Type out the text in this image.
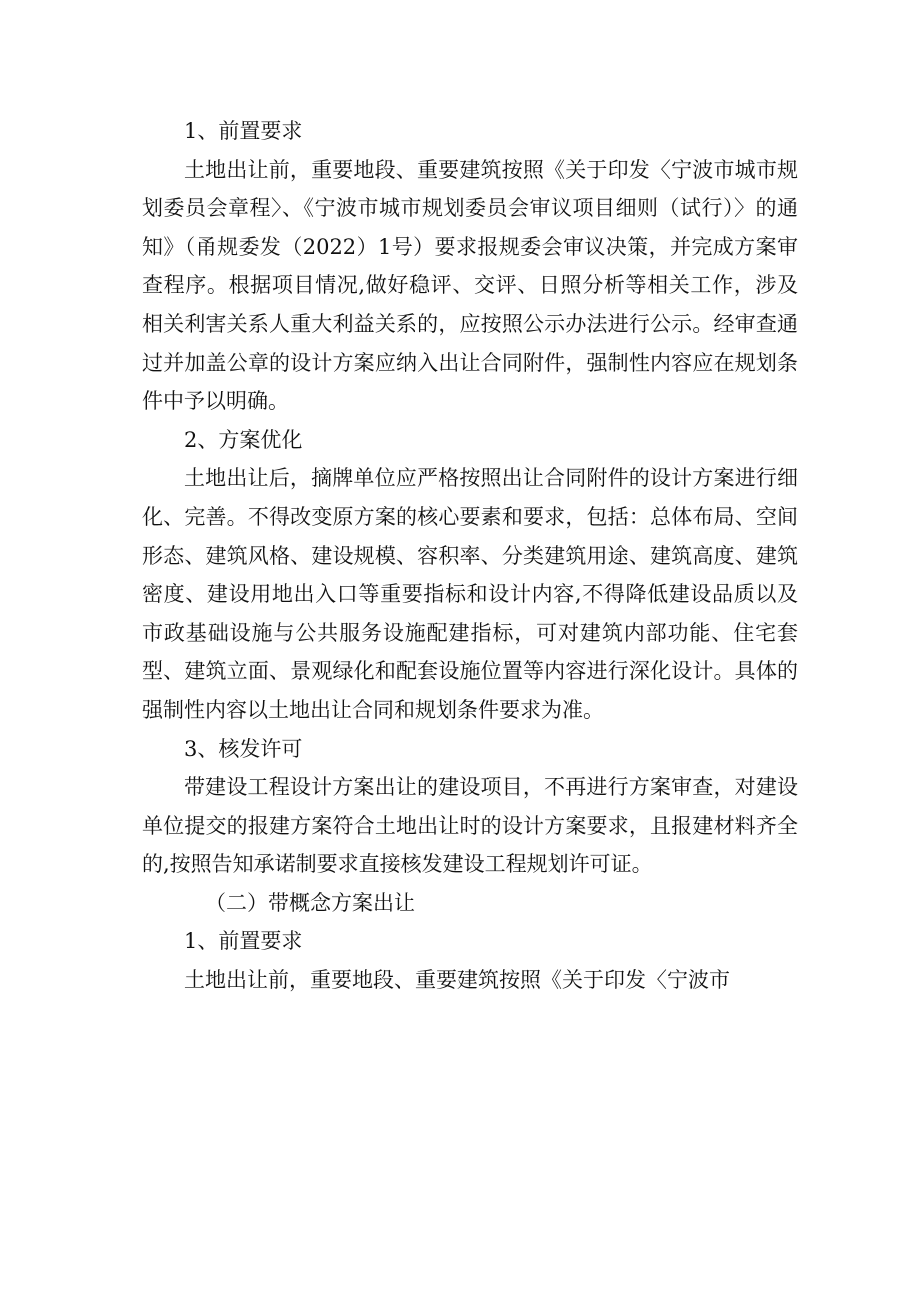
1、前置要求

土地出让前，重要地段、重要建筑按照《关于印发〈宁波市城市规划委员会章程〉、《宁波市城市规划委员会审议项目细则（试行）〉的通知》（甬规委发（2022）1号）要求报规委会审议决策，并完成方案审查程序。根据项目情况,做好稳评、交评、日照分析等相关工作，涉及相关利害关系人重大利益关系的，应按照公示办法进行公示。经审查通过并加盖公章的设计方案应纳入出让合同附件，强制性内容应在规划条件中予以明确。

2、方案优化

土地出让后，摘牌单位应严格按照出让合同附件的设计方案进行细化、完善。不得改变原方案的核心要素和要求，包括：总体布局、空间形态、建筑风格、建设规模、容积率、分类建筑用途、建筑高度、建筑密度、建设用地出入口等重要指标和设计内容,不得降低建设品质以及市政基础设施与公共服务设施配建指标，可对建筑内部功能、住宅套型、建筑立面、景观绿化和配套设施位置等内容进行深化设计。具体的强制性内容以土地出让合同和规划条件要求为准。

3、核发许可

带建设工程设计方案出让的建设项目，不再进行方案审查，对建设单位提交的报建方案符合土地出让时的设计方案要求，且报建材料齐全的,按照告知承诺制要求直接核发建设工程规划许可证。

（二）带概念方案出让

1、前置要求

土地出让前，重要地段、重要建筑按照《关于印发〈宁波市
